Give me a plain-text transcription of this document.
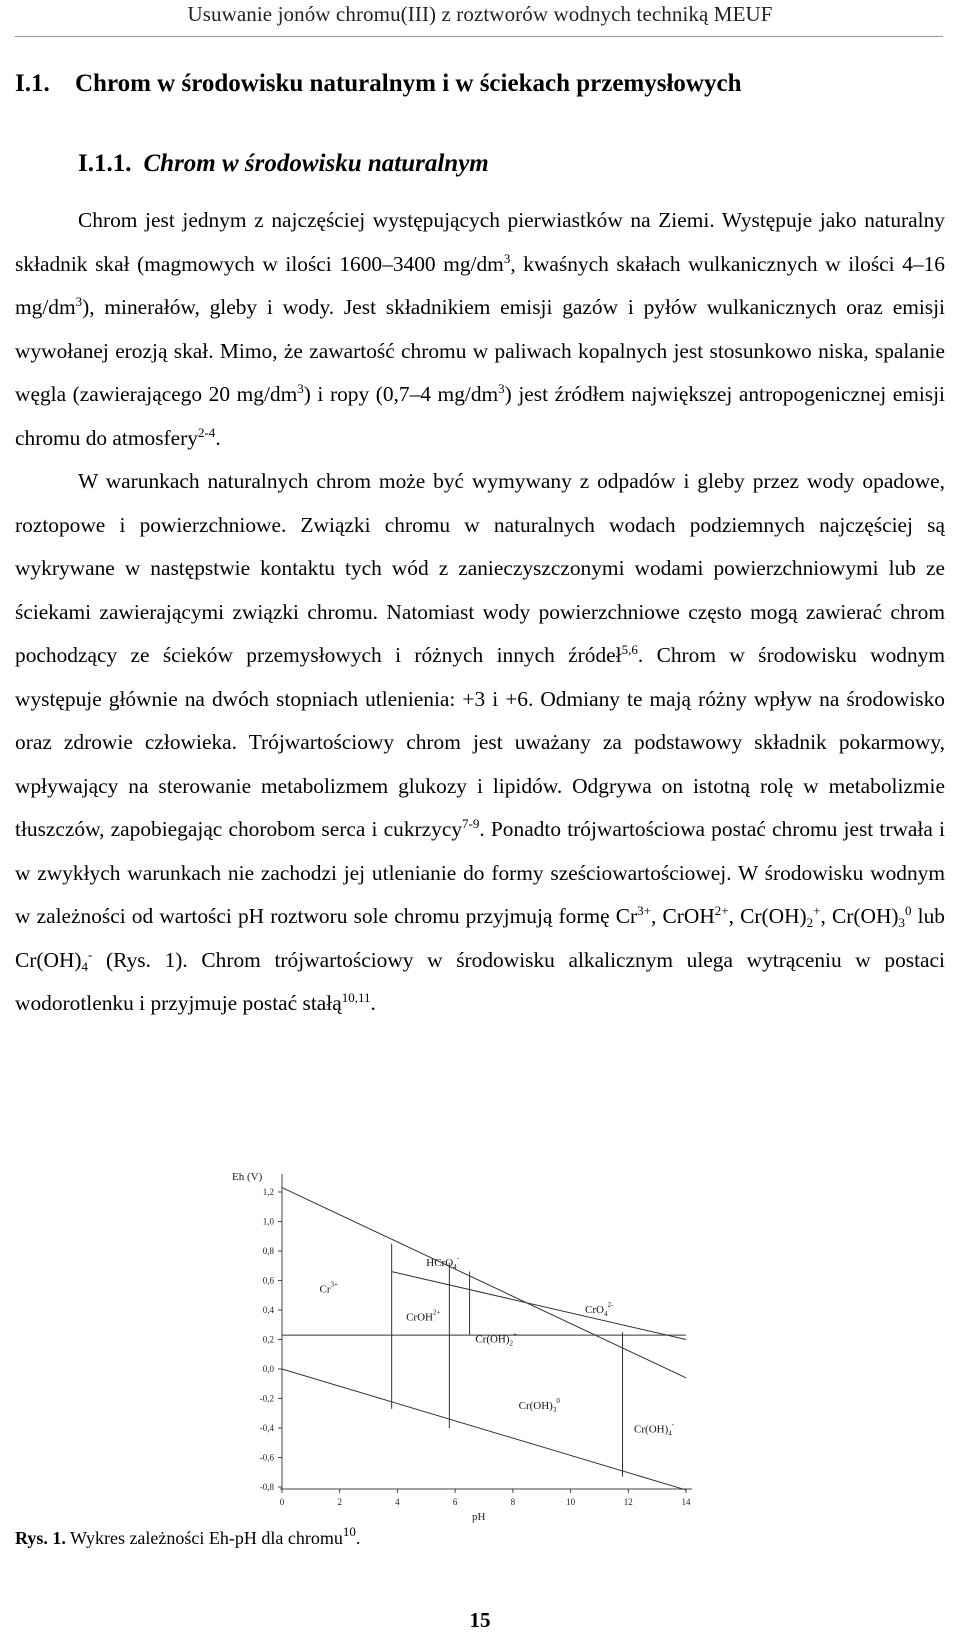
Usuwanie jonów chromu(III) z roztworów wodnych techniką MEUF
I.1. Chrom w środowisku naturalnym i w ściekach przemysłowych
I.1.1. Chrom w środowisku naturalnym

Chrom jest jednym z najczęściej występujących pierwiastków na Ziemi. Występuje jako naturalny składnik skał (magmowych w ilości 1600–3400 $mg/dm^3$, kwaśnych skałach wulkanicznych w ilości 4–16 $mg/dm^3$), minerałów, gleby i wody. Jest składnikiem emisji gazów i pyłów wulkanicznych oraz emisji wywołanej erozją skał. Mimo, że zawartość chromu w paliwach kopalnych jest stosunkowo niska, spalanie węgla (zawierającego 20 $mg/dm^3$) i ropy (0,7–4 $mg/dm^3$) jest źródłem największej antropogenicznej emisji chromu do atmosfery$^{2-4}$.

W warunkach naturalnych chrom może być wymywany z odpadów i gleby przez wody opadowe, roztopowe i powierzchniowe. Związki chromu w naturalnych wodach podziemnych najczęściej są wykrywane w następstwie kontaktu tych wód z zanieczyszczonymi wodami powierzchniowymi lub ze ściekami zawierającymi związki chromu. Natomiast wody powierzchniowe często mogą zawierać chrom pochodzący ze ścieków przemysłowych i różnych innych źródeł$^{5,6}$. Chrom w środowisku wodnym występuje głównie na dwóch stopniach utlenienia: +3 i +6. Odmiany te mają różny wpływ na środowisko oraz zdrowie człowieka. Trójwartościowy chrom jest uważany za podstawowy składnik pokarmowy, wpływający na sterowanie metabolizmem glukozy i lipidów. Odgrywa on istotną rolę w metabolizmie tłuszczów, zapobiegając chorobom serca i cukrzycy$^{7-9}$. Ponadto trójwartościowa postać chromu jest trwała i w zwykłych warunkach nie zachodzi jej utlenianie do formy sześciowartościowej. W środowisku wodnym w zależności od wartości pH roztworu sole chromu przyjmują formę $Cr^{3+}$, CrOH$^{2+}$, $Cr(OH)_2^+$, $Cr(OH)_3^0$ lub $Cr(OH)_4^-$ (Rys. 1). Chrom trójwartościowy w środowisku alkalicznym ulega wytrąceniu w postaci wodorotlenku i przyjmuje postać stałą$^{10,11}$.

1,2
1,0
0,8
0,6
0,4
0,2
0,0
-0,2
-0,4
-0,6
-0,8
0	2	4	6	8	10	12	14
Eh (V)
pH
$Cr^{3+}$
HCrO$_4$-
CrOH$^{2+}$	CrO$_4^{2-}$
$Cr(OH)_2^+$
$Cr(OH)_3^0$
$Cr(OH)_4^-$
Rys. 1. Wykres zależności Eh-pH dla chromu$^{10}$.
15
